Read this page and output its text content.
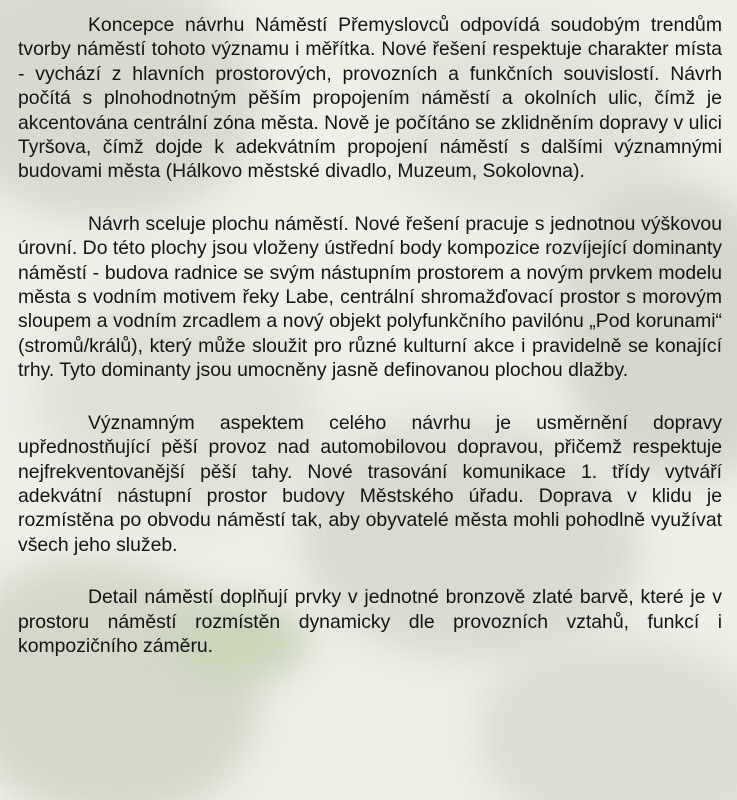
Koncepce návrhu Náměstí Přemyslovců odpovídá soudobým trendům tvorby náměstí tohoto významu i měřítka. Nové řešení respektuje charakter místa - vychází z hlavních prostorových, provozních a funkčních souvislostí. Návrh počítá s plnohodnotným pěším propojením náměstí a okolních ulic, čímž je akcentována centrální zóna města. Nově je počítáno se zklidněním dopravy v ulici Tyršova, čímž dojde k adekvátním propojení náměstí s dalšími významnými budovami města (Hálkovo městské divadlo, Muzeum, Sokolovna).

Návrh sceluje plochu náměstí. Nové řešení pracuje s jednotnou výškovou úrovní. Do této plochy jsou vloženy ústřední body kompozice rozvíjející dominanty náměstí - budova radnice se svým nástupním prostorem a novým prvkem modelu města s vodním motivem řeky Labe, centrální shromažďovací prostor s morovým sloupem a vodním zrcadlem a nový objekt polyfunkčního pavilónu „Pod korunami“ (stromů/králů), který může sloužit pro různé kulturní akce i pravidelně se konající trhy. Tyto dominanty jsou umocněny jasně definovanou plochou dlažby.

Významným aspektem celého návrhu je usměrnění dopravy upřednostňující pěší provoz nad automobilovou dopravou, přičemž respektuje nejfrekventovanější pěší tahy. Nové trasování komunikace 1. třídy vytváří adekvátní nástupní prostor budovy Městského úřadu. Doprava v klidu je rozmístěna po obvodu náměstí tak, aby obyvatelé města mohli pohodlně využívat všech jeho služeb.

Detail náměstí doplňují prvky v jednotné bronzově zlaté barvě, které je v prostoru náměstí rozmístěn dynamicky dle provozních vztahů, funkcí i kompozičního záměru.
